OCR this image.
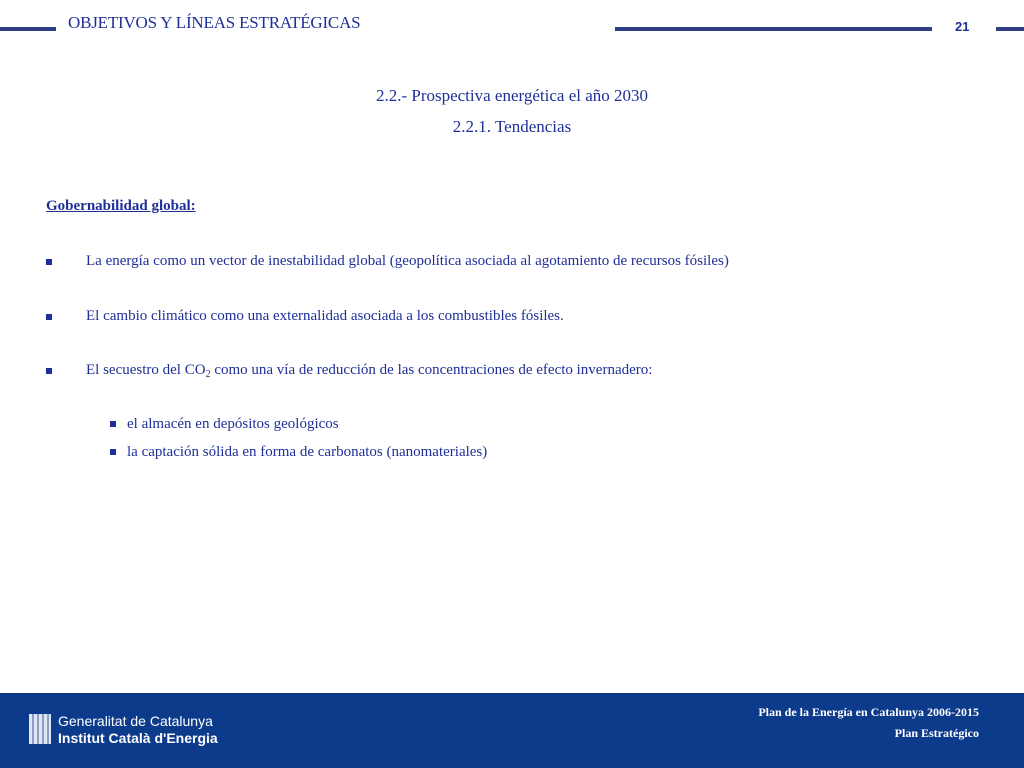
OBJETIVOS Y LÍNEAS ESTRATÉGICAS	21
2.2.- Prospectiva energética el año 2030
2.2.1. Tendencias
Gobernabilidad global:
La energía como un vector de inestabilidad global (geopolítica asociada al agotamiento de recursos fósiles)
El cambio climático como una externalidad asociada a los combustibles fósiles.
El secuestro del $CO_2$ como una vía de reducción de las concentraciones de efecto invernadero:
el almacén en depósitos geológicos
la captación sólida en forma de carbonatos (nanomateriales)
Generalitat de Catalunya
Institut Català d'Energia
Plan de la Energía en Catalunya 2006-2015
Plan Estratégico
